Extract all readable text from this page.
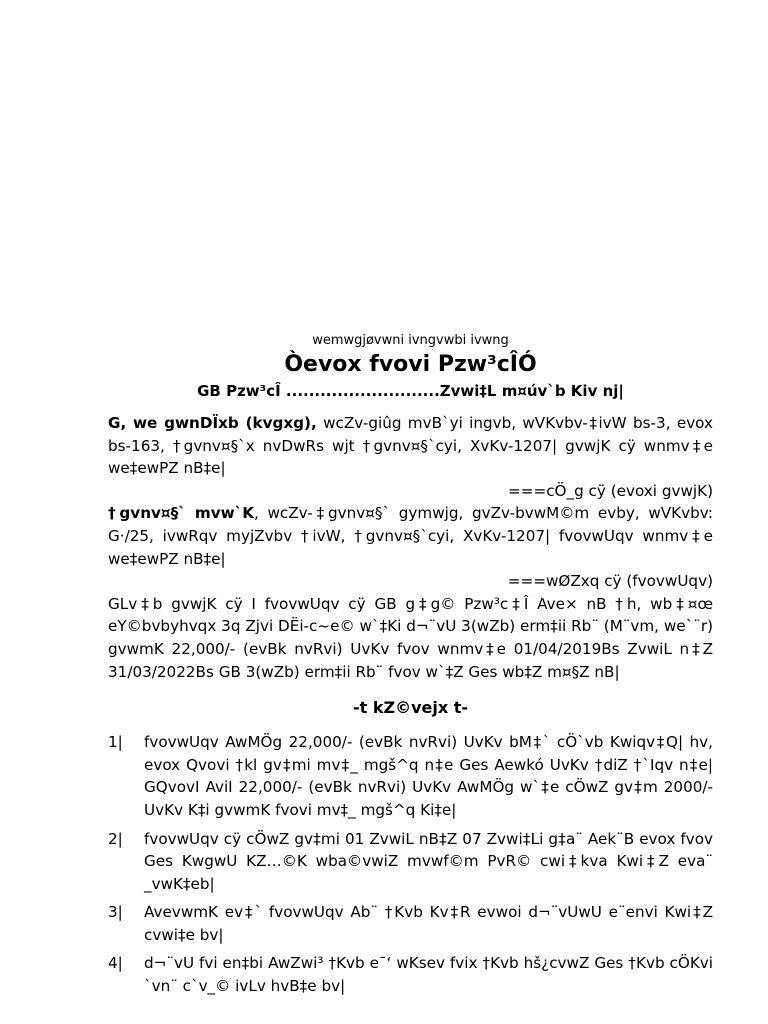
wemwgjøvwni ivngvwbi ivwng
Òevox fvovi Pzw³cÎÓ
GB Pzw³cÎ ...........................Zvwi‡L m¤úv`b Kiv nj|
G, we gwnDÏxb (kvgxg), wcZv-giûg mvB`yi ingvb, wVKvbv-‡ivW bs-3, evox bs-163, †gvnv¤§`x nvDwRs wjt †gvnv¤§`cyi, XvKv-1207| gvwjK cÿ wnmv‡e we‡ewPZ nB‡e|
===cÖ_g cÿ (evoxi gvwjK)
†gvnv¤§` mvw`K, wcZv-‡gvnv¤§` gymwjg, gvZv-bvwM©m evby, wVKvbv: G·/25, ivwRqv myjZvbv †ivW, †gvnv¤§`cyi, XvKv-1207| fvovwUqv wnmv‡e we‡ewPZ nB‡e|
===wØZxq cÿ (fvovwUqv)
GLv‡b gvwjK cÿ I fvovwUqv cÿ GB g‡g© Pzw³c‡Î Ave× nB †h, wb‡¤œ eY©bvbyhvqx 3q Zjvi DËi-c~e© w`‡Ki d¬¨vU 3(wZb) erm‡ii Rb¨ (M¨vm, we`¨r) gvwmK 22,000/- (evBk nvRvi) UvKv fvov wnmv‡e 01/04/2019Bs ZvwiL n‡Z 31/03/2022Bs GB 3(wZb) erm‡ii Rb¨ fvov w`‡Z Ges wb‡Z m¤§Z nB|
-t kZ©vejx t-
1|	fvovwUqv AwMÖg 22,000/- (evBk nvRvi) UvKv bM‡` cÖ`vb Kwiqv‡Q| hv, evox Qvovi †kl gv‡mi mv‡_ mgš^q n‡e Ges Aewkó UvKv †diZ †`Iqv n‡e| GQvovI AviI 22,000/- (evBk nvRvi) UvKv AwMÖg w`‡e cÖwZ gv‡m 2000/- UvKv K‡i gvwmK fvovi mv‡_ mgš^q Ki‡e|
2|	fvovwUqv cÿ cÖwZ gv‡mi 01 ZvwiL nB‡Z 07 Zvwi‡Li g‡a¨ Aek¨B evox fvov Ges KwgwU KZ…©K wba©vwiZ mvwf©m PvR© cwi‡kva Kwi‡Z eva¨ _vwK‡eb|
3|	AvevwmK ev‡` fvovwUqv Ab¨ †Kvb Kv‡R evwoi d¬¨vUwU e¨envi Kwi‡Z cvwi‡e bv|
4|	d¬¨vU fvi en‡bi AwZwi³ †Kvb e¯‘ wKsev fvix †Kvb hš¿cvwZ Ges †Kvb cÖKvi `vn¨ c`v_© ivLv hvB‡e bv|
